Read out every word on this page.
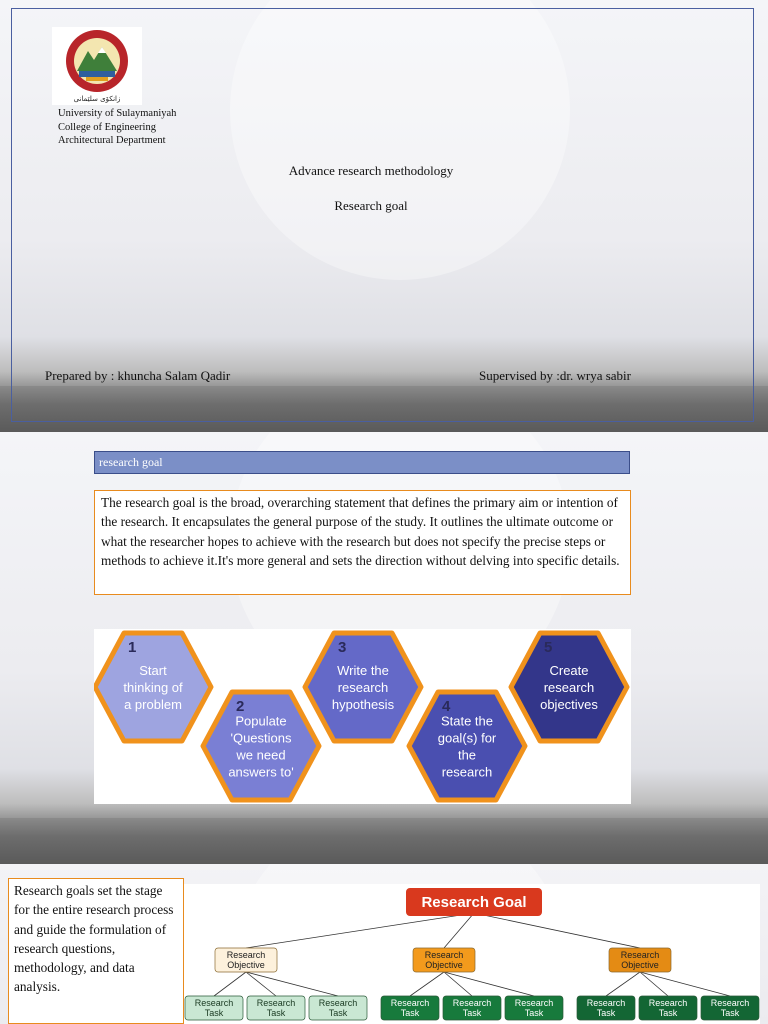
زانكۆی سلێمانی
University of Sulaymaniyah
College of Engineering
Architectural Department
Advance research methodology
Research goal
Prepared by : khuncha Salam Qadir	Supervised by :dr. wrya sabir
research goal
The research goal is the broad, overarching statement that defines the primary aim or intention of the research. It encapsulates the general purpose of the study. It outlines the ultimate outcome or what the researcher hopes to achieve with the research but does not specify the precise steps or methods to achieve it.It's more general and sets the direction without delving into specific details.
1
Start
thinking of
a problem	2
Populate
'Questions
we need
answers to'
3
Write the
research
hypothesis	4
State the
goal(s) for
the
research
5
Create
research
objectives
Research goals set the stage for the entire research process and guide the formulation of research questions, methodology, and data analysis.
Research Goal
Research
Objective
Research
Task
Research
Task
Research
Task
Research
Objective
Research
Task
Research
Task
Research
Task
Research
Objective
Research
Task
Research
Task
Research
Task
